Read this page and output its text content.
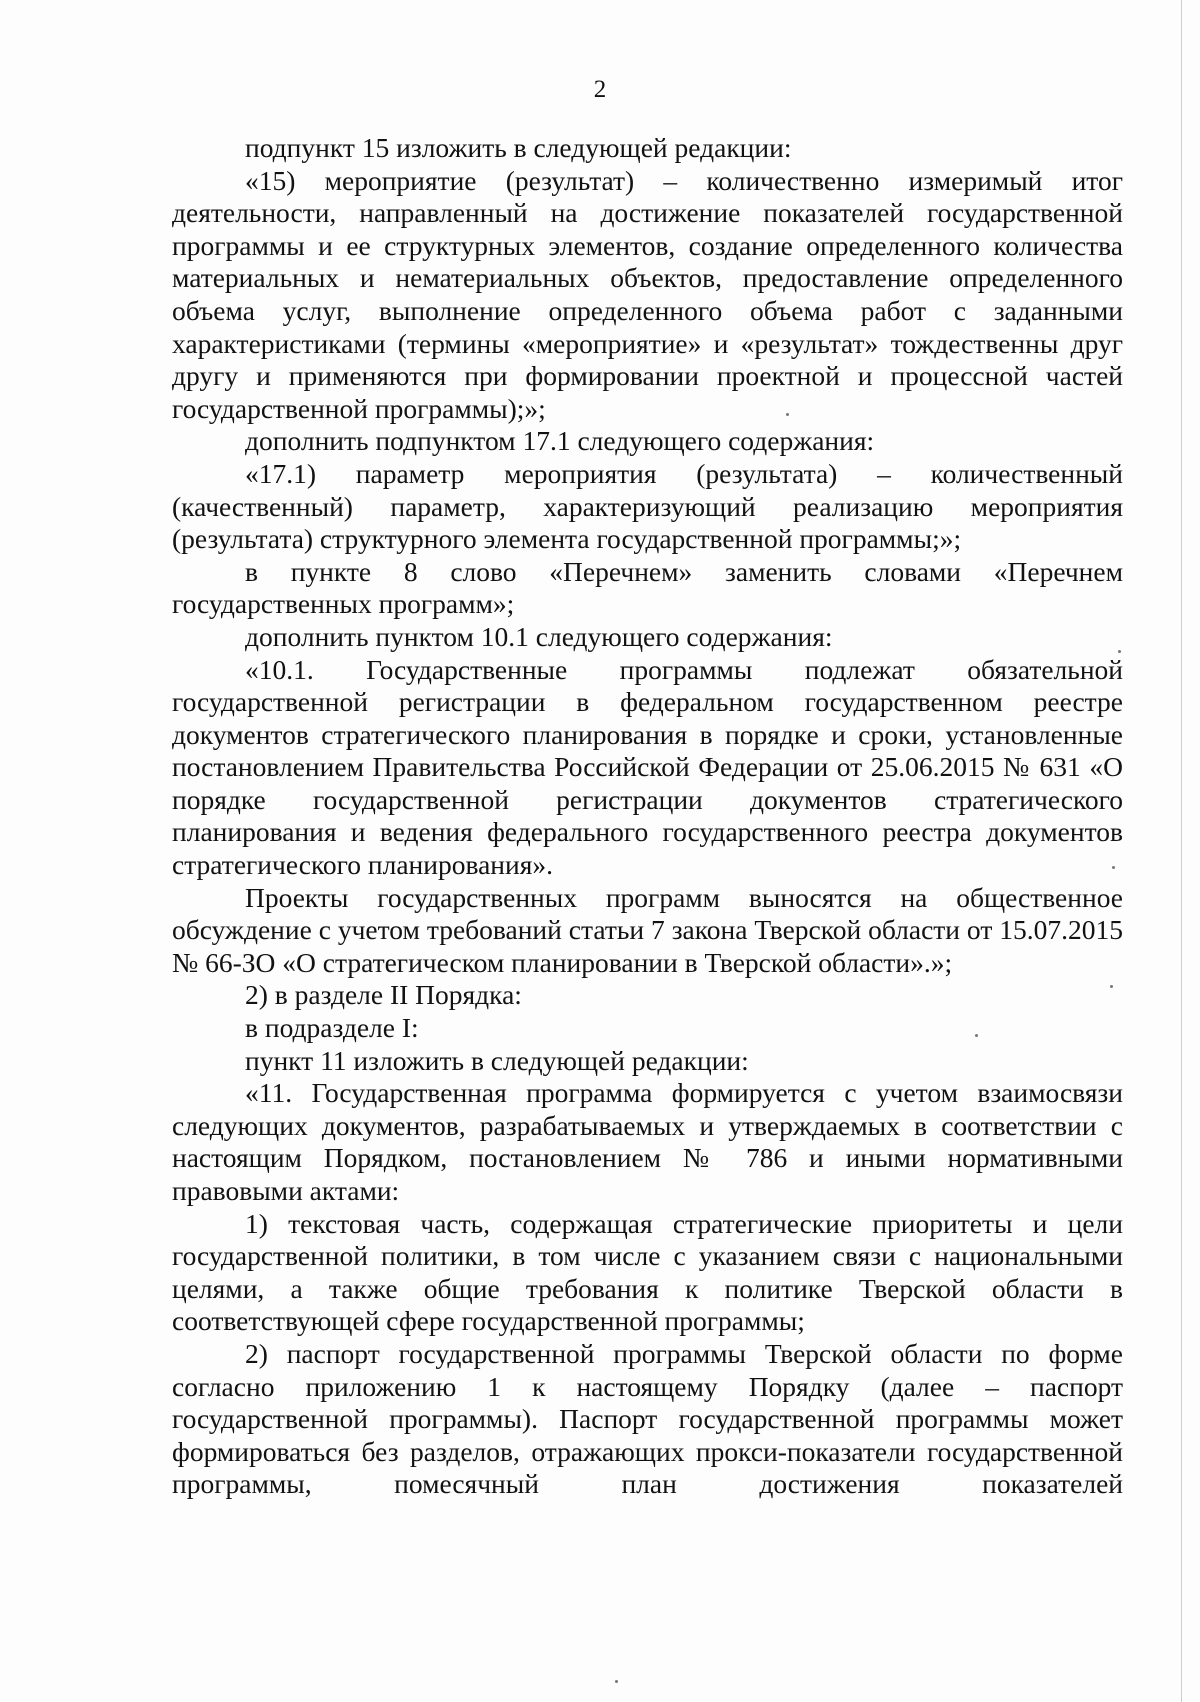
2

подпункт 15 изложить в следующей редакции:

«15) мероприятие (результат) – количественно измеримый итог деятельности, направленный на достижение показателей государственной программы и ее структурных элементов, создание определенного количества материальных и нематериальных объектов, предоставление определенного объема услуг, выполнение определенного объема работ с заданными характеристиками (термины «мероприятие» и «результат» тождественны друг другу и применяются при формировании проектной и процессной частей государственной программы);»;

дополнить подпунктом 17.1 следующего содержания:

«17.1) параметр мероприятия (результата) – количественный (качественный) параметр, характеризующий реализацию мероприятия (результата) структурного элемента государственной программы;»;

в пункте 8 слово «Перечнем» заменить словами «Перечнем государственных программ»;

дополнить пунктом 10.1 следующего содержания:

«10.1. Государственные программы подлежат обязательной государственной регистрации в федеральном государственном реестре документов стратегического планирования в порядке и сроки, установленные постановлением Правительства Российской Федерации от 25.06.2015 № 631 «О порядке государственной регистрации документов стратегического планирования и ведения федерального государственного реестра документов стратегического планирования».

Проекты государственных программ выносятся на общественное обсуждение с учетом требований статьи 7 закона Тверской области от 15.07.2015 № 66-ЗО «О стратегическом планировании в Тверской области».»;

2) в разделе II Порядка:

в подразделе I:

пункт 11 изложить в следующей редакции:

«11. Государственная программа формируется с учетом взаимосвязи следующих документов, разрабатываемых и утверждаемых в соответствии с настоящим Порядком, постановлением № 786 и иными нормативными правовыми актами:

1) текстовая часть, содержащая стратегические приоритеты и цели государственной политики, в том числе с указанием связи с национальными целями, а также общие требования к политике Тверской области в соответствующей сфере государственной программы;

2) паспорт государственной программы Тверской области по форме согласно приложению 1 к настоящему Порядку (далее – паспорт государственной программы). Паспорт государственной программы может формироваться без разделов, отражающих прокси-показатели государственной программы, помесячный план достижения показателей
